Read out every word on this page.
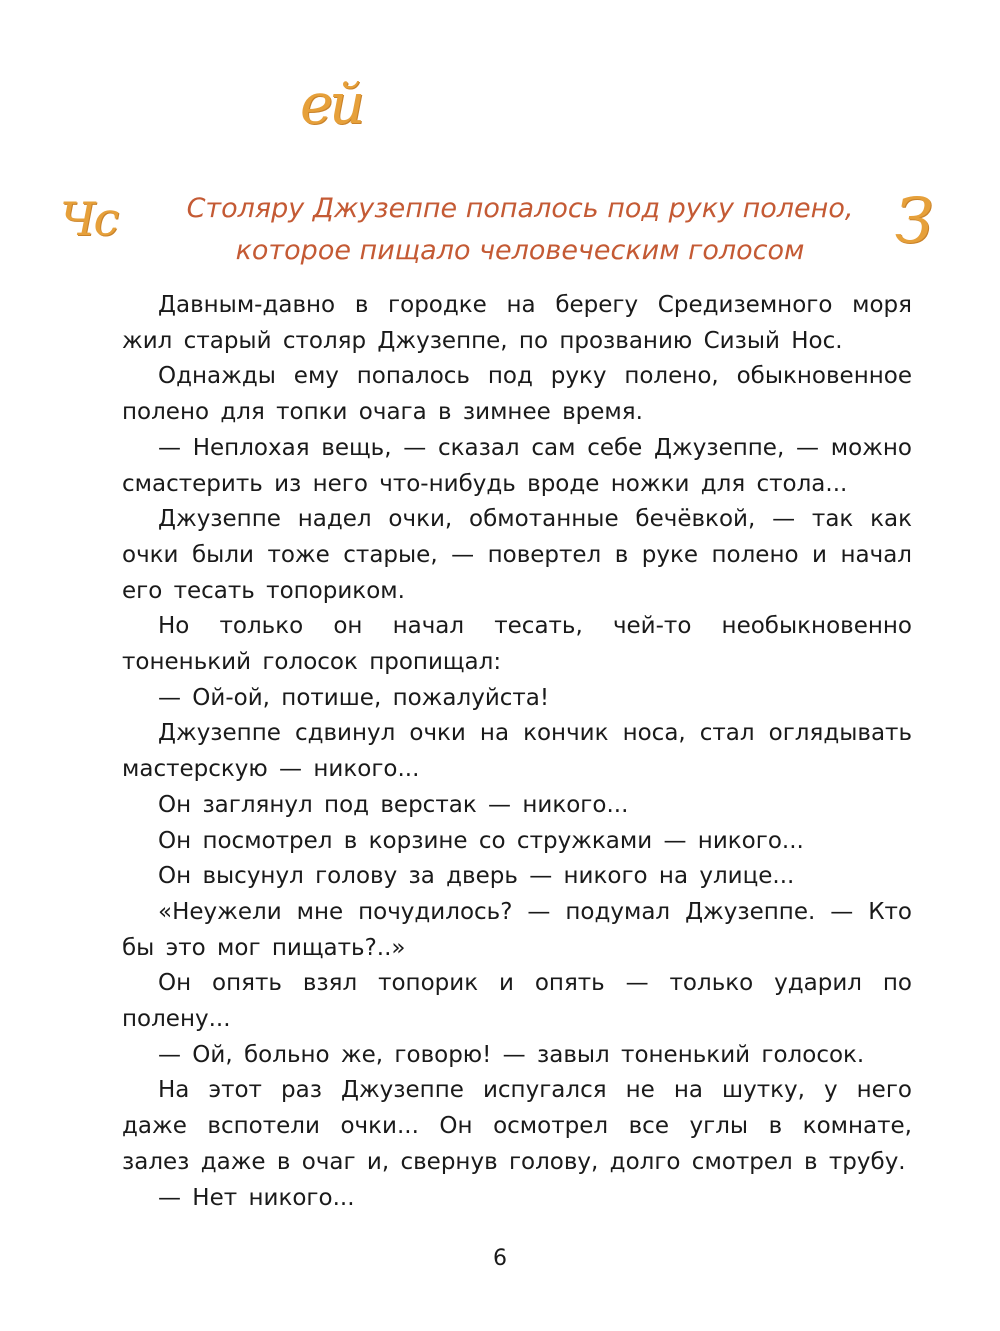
ей
Чс	З
Столяру Джузеппе попалось под руку полено,
которое пищало человеческим голосом

Давным-давно в городке на берегу Средиземного моря жил старый столяр Джузеппе, по прозванию Сизый Нос.

Однажды ему попалось под руку полено, обыкновенное полено для топки очага в зимнее время.

— Неплохая вещь, — сказал сам себе Джузеппе, — можно смастерить из него что-нибудь вроде ножки для стола...

Джузеппе надел очки, обмотанные бечёвкой, — так как очки были тоже старые, — повертел в руке полено и начал его тесать топориком.

Но только он начал тесать, чей-то необыкновенно тоненький голосок пропищал:

— Ой-ой, потише, пожалуйста!

Джузеппе сдвинул очки на кончик носа, стал оглядывать мастерскую — никого...

Он заглянул под верстак — никого...

Он посмотрел в корзине со стружками — никого...

Он высунул голову за дверь — никого на улице...

«Неужели мне почудилось? — подумал Джузеппе. — Кто бы это мог пищать?..»

Он опять взял топорик и опять — только ударил по полену...

— Ой, больно же, говорю! — завыл тоненький голосок.

На этот раз Джузеппе испугался не на шутку, у него даже вспотели очки... Он осмотрел все углы в комнате, залез даже в очаг и, свернув голову, долго смотрел в трубу.

— Нет никого...

6
